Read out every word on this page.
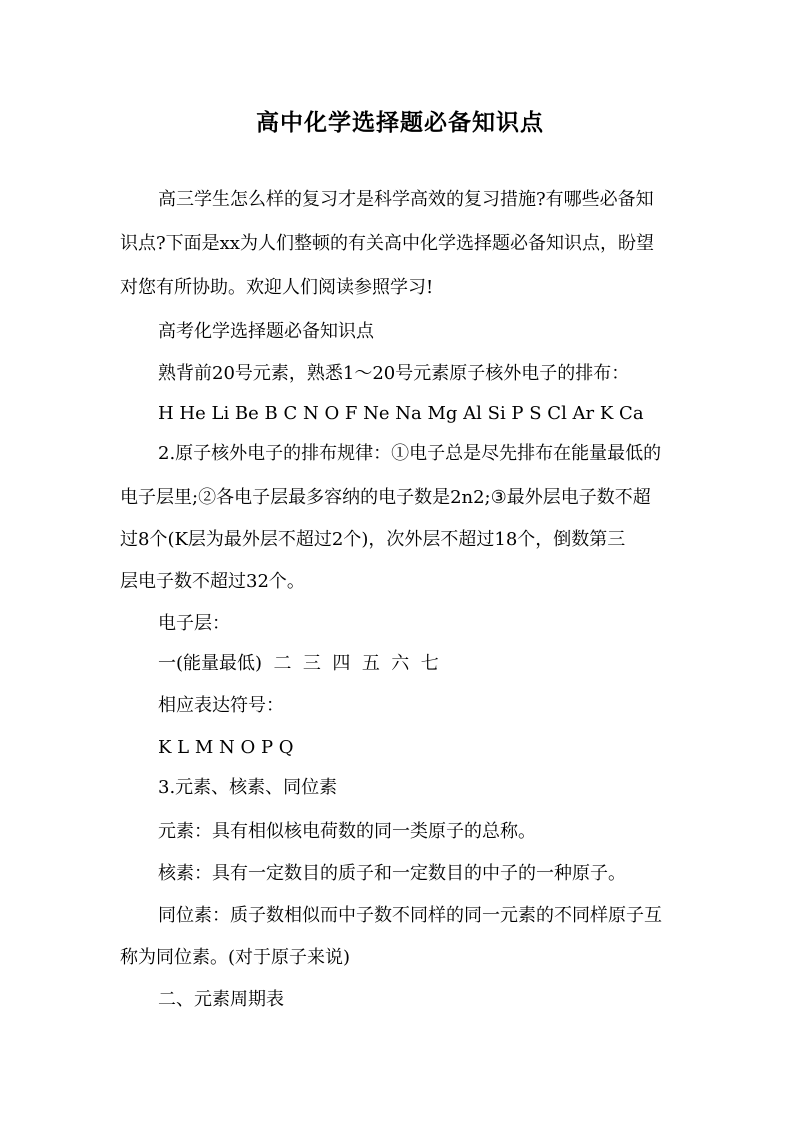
高中化学选择题必备知识点
高三学生怎么样的复习才是科学高效的复习措施?有哪些必备知
识点?下面是xx为人们整顿的有关高中化学选择题必备知识点，盼望
对您有所协助。欢迎人们阅读参照学习!
高考化学选择题必备知识点
熟背前20号元素，熟悉1～20号元素原子核外电子的排布：
H He Li Be B C N O F Ne Na Mg Al Si P S Cl Ar K Ca
2.原子核外电子的排布规律：①电子总是尽先排布在能量最低的
电子层里;②各电子层最多容纳的电子数是2n2;③最外层电子数不超
过8个(K层为最外层不超过2个)，次外层不超过18个，倒数第三
层电子数不超过32个。
电子层：
一(能量最低)  二  三  四  五  六  七
相应表达符号：
K L M N O P Q
3.元素、核素、同位素
元素：具有相似核电荷数的同一类原子的总称。
核素：具有一定数目的质子和一定数目的中子的一种原子。
同位素：质子数相似而中子数不同样的同一元素的不同样原子互
称为同位素。(对于原子来说)
二、元素周期表
